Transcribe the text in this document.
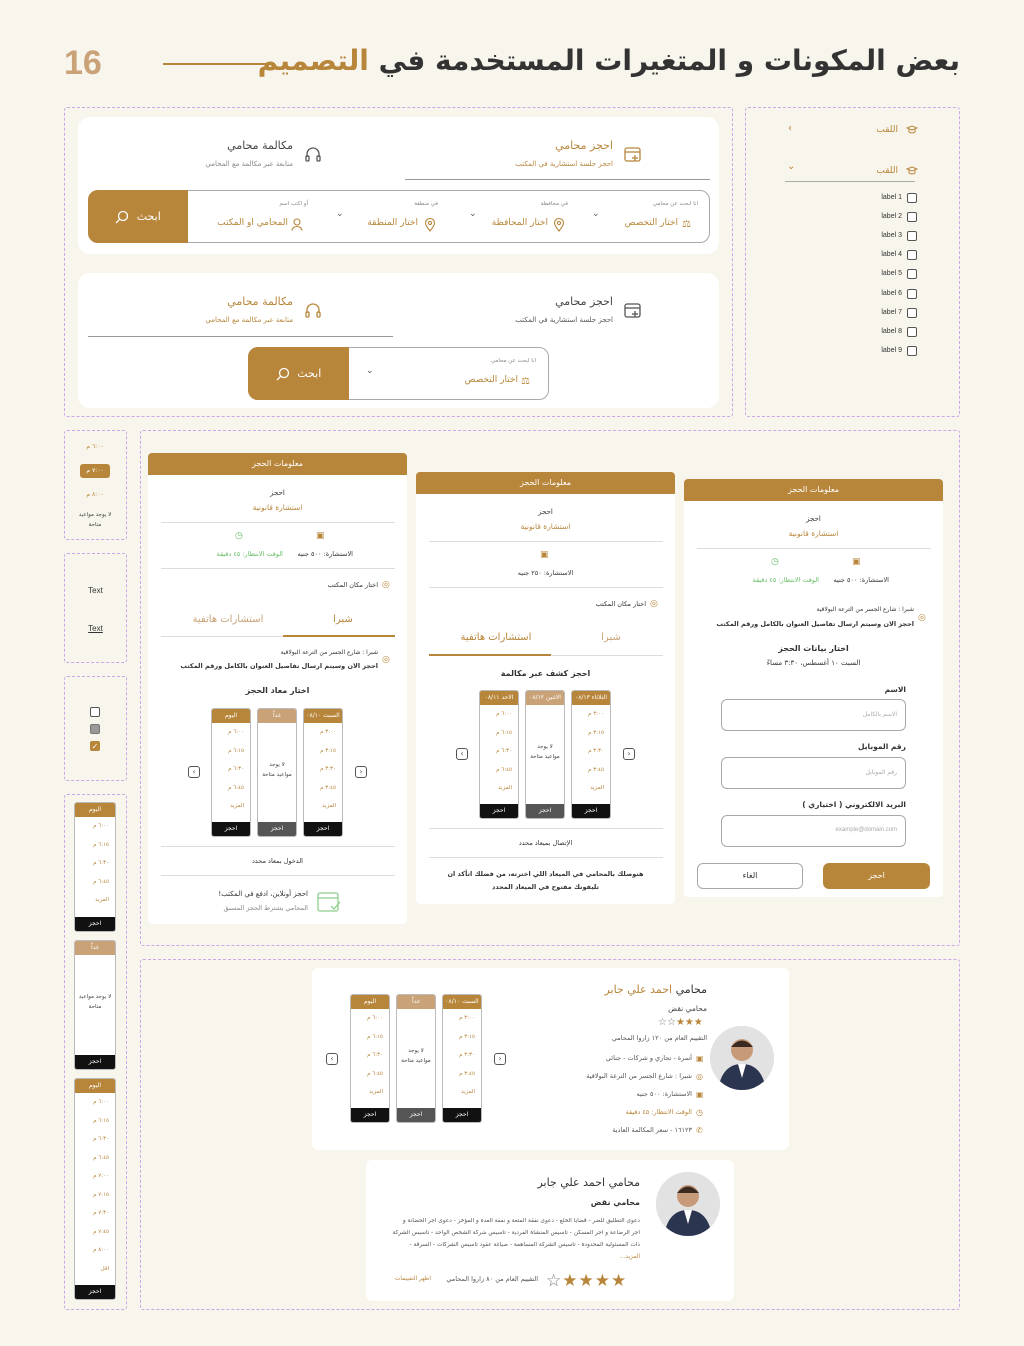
16	بعض المكونات و المتغيرات المستخدمة في التصميم
احجز محامي
احجز جلسة استشارية في المكتب
مكالمة محامي
متابعة عبر مكالمة مع المحامي
ابحث
انا ابحث عن محامي
اختار التخصص ⚖
⌄
في محافظة
اختار المحافظة
⌄
في منطقة
اختار المنطقة
⌄
أو اكتب اسم
المحامي او المكتب
احجز محامي
احجز جلسة استشارية في المكتب
مكالمة محامي
متابعة عبر مكالمة مع المحامي
ابحث
انا ابحث عن محامي
اختار التخصص ⚖
⌄
‹	اللقب
⌄	اللقب
label 1
label 2
label 3
label 4
label 5
label 6
label 7
label 8
label 9
٦:٠٠ م
٧:٠٠ م
٨:٠٠ م
لا يوجد مواعيد متاحة
Text
Text
✓
اليوم
٦:٠٠ م
٦:١٥ م
٦:٣٠ م
٦:٤٥ م
المزيد
احجز
غداً
لا يوجد مواعيد متاحة
احجز
اليوم
٦:٠٠ م
٦:١٥ م
٦:٣٠ م
٦:٤٥ م
٧:٠٠ م
٧:١٥ م
٧:٣٠ م
٧:٤٥ م
٨:٠٠ م
اقل
احجز
معلومات الحجز
احجز
استشارة قانونية
▣
◷
الاستشارة: ٥٠٠ جنيه
الوقت الانتظار: ٤٥ دقيقة
◎
اختار مكان المكتب
شبرا
استشارات هاتفية
◎
شبرا : شارع الجسر من الترعة البولاقية
احجز الان وسيتم ارسال تفاصيل العنوان بالكامل ورقم المكتب
اختار معاد الحجز
‹	›
اليوم
٦:٠٠ م
٦:١٥ م
٦:٣٠ م
٦:٤٥ م
المزيد
احجز
غداً
لا يوجد مواعيد متاحة
احجز
السبت ٠٨/١٠
٣:٠٠ م
٣:١٥ م
٣:٣٠ م
٣:٤٥ م
المزيد
احجز
الدخول بمعاد محدد
احجز أونلاين، ادفع في المكتب!
المحامي يشترط الحجز المسبق
معلومات الحجز
احجز
استشارة قانونية
▣
الاستشارة: ٢٥٠ جنيه
◎
اختار مكان المكتب
شبرا
استشارات هاتفية
احجز كشف عبر مكالمة
‹	›
الاحد ٠٨/١١
٦:٠٠ م
٦:١٥ م
٦:٣٠ م
٦:٤٥ م
المزيد
احجز
الاثنين ٠٨/١٢
لا يوجد مواعيد متاحة
احجز
الثلاثاء ٠٨/١٣
٣:٠٠ م
٣:١٥ م
٣:٣٠ م
٣:٤٥ م
المزيد
احجز
الإتصال بميعاد محدد
هنوصلك بالمحامي في الميعاد اللي اخترته، من فضلك اتأكد ان تليفونك مفتوح في الميعاد المحدد
معلومات الحجز
احجز
استشارة قانونية
▣
◷
الاستشارة: ٥٠٠ جنيه
الوقت الانتظار: ٤٥ دقيقة
◎
شبرا : شارع الجسر من الترعة البولاقية
احجز الان وسيتم ارسال تفاصيل العنوان بالكامل ورقم المكتب
اختار بيانات الحجز
السبت ١٠ أغسطس، ٣:٣٠ مساءً
الاسم
الاسم بالكامل
رقم الموبايل
رقم الموبايل
البريد الالكتروني ( اختياري )
example@domain.com
احجز
الغاء
محامي احمد علي جابر
محامي نقض
☆☆★★★
التقييم العام من ١٢٠ زاروا المحامي
▣
أسرة - تجاري و شركات - جنائي
◎
شبرا : شارع الجسر من الترعة البولاقية
▣
الاستشارة: ٥٠٠ جنيه
◷
الوقت الانتظار: ٤٥ دقيقة
✆
١٦١٢٣ - سعر المكالمة العادية
‹	›
اليوم
٦:٠٠ م
٦:١٥ م
٦:٣٠ م
٦:٤٥ م
المزيد
احجز
غداً
لا يوجد مواعيد متاحة
احجز
السبت ٠٨/١٠
٣:٠٠ م
٣:١٥ م
٣:٣٠ م
٣:٤٥ م
المزيد
احجز
محامي احمد علي جابر
محامي نقض
دعوى التطليق للضر - قضايا الخلع - دعوى نفقة المتعة و نفقة العدة و المؤخر - دعوى اجر الحضانة و
أجر الرضاعة و اجر المسكن - تأسيس المنشأة الفردية - تأسيس شركة الشخص الواحد - تأسيس الشركة
ذات المسئولية المحدودة - تأسيس الشركة المساهمة - صياغة عقود تأسيس الشركات - السرقة -
المزيد...
☆★★★★
التقييم العام من ٨٠ زاروا المحامي
اظهر التقييمات
